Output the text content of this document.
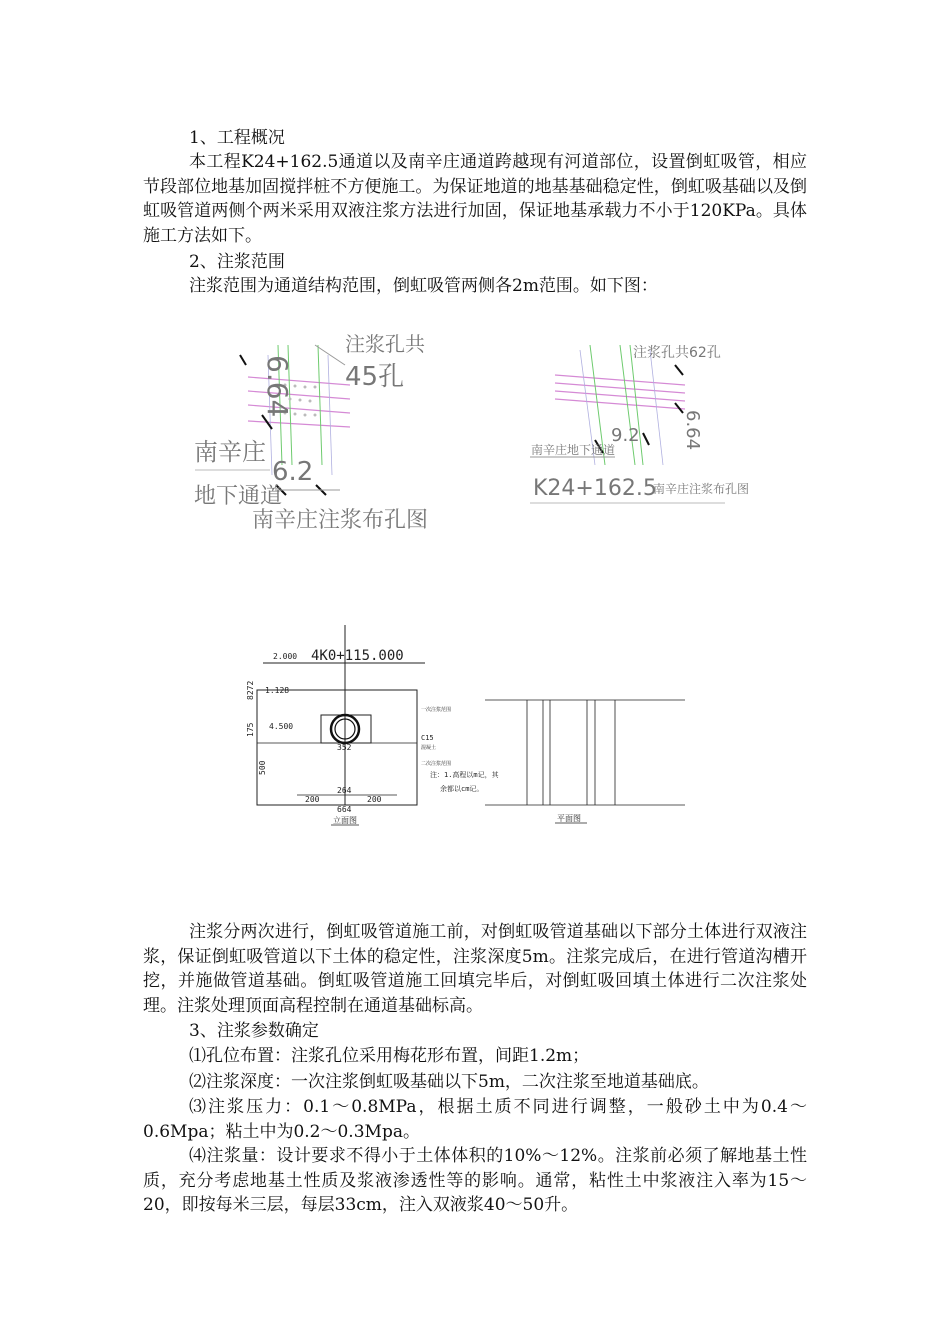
1、工程概况

本工程K24+162.5通道以及南辛庄通道跨越现有河道部位，设置倒虹吸管，相应节段部位地基加固搅拌桩不方便施工。为保证地道的地基基础稳定性，倒虹吸基础以及倒虹吸管道两侧个两米采用双液注浆方法进行加固，保证地基承载力不小于120KPa。具体施工方法如下。

2、注浆范围

注浆范围为通道结构范围，倒虹吸管两侧各2m范围。如下图：

注浆孔共
45孔
6.64
南辛庄
6.2
地下通道
南辛庄注浆布孔图
注浆孔共62孔
6.64
9.2
南辛庄地下通道
K24+162.5
南辛庄注浆布孔图
2.000 4K0+115.000
1.128
4.500
8272
175
500
352
C15
一次注浆范围
混凝土
二次注浆范围
200
264
200
664
立面图
注：1.高程以m记，其
余都以cm记。
平面图

注浆分两次进行，倒虹吸管道施工前，对倒虹吸管道基础以下部分土体进行双液注浆，保证倒虹吸管道以下土体的稳定性，注浆深度5m。注浆完成后，在进行管道沟槽开挖，并施做管道基础。倒虹吸管道施工回填完毕后，对倒虹吸回填土体进行二次注浆处理。注浆处理顶面高程控制在通道基础标高。

3、注浆参数确定

⑴孔位布置：注浆孔位采用梅花形布置，间距1.2m；

⑵注浆深度：一次注浆倒虹吸基础以下5m，二次注浆至地道基础底。

⑶注浆压力：0.1～0.8MPa，根据土质不同进行调整，一般砂土中为0.4～0.6Mpa；粘土中为0.2～0.3Mpa。

⑷注浆量：设计要求不得小于土体体积的10%～12%。注浆前必须了解地基土性质，充分考虑地基土性质及浆液渗透性等的影响。通常，粘性土中浆液注入率为15～20，即按每米三层，每层33cm，注入双液浆40～50升。
